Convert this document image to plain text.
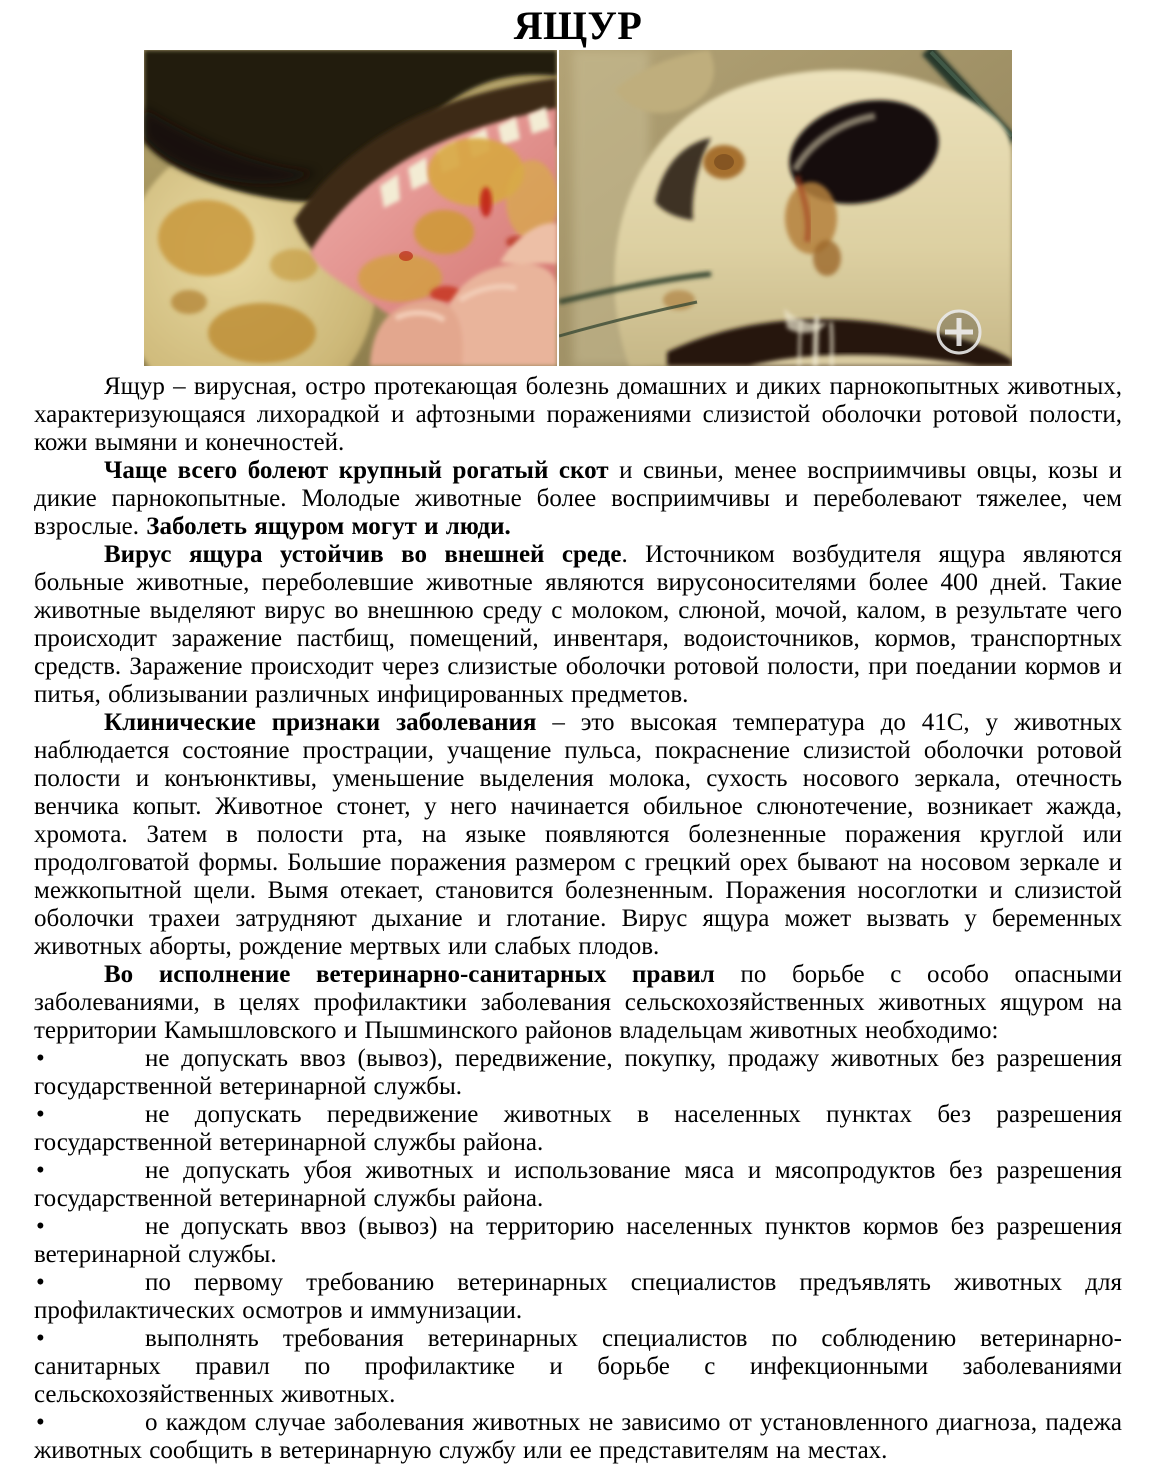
ЯЩУР

Ящур – вирусная, остро протекающая болезнь домашних и диких парнокопытных животных, характеризующаяся лихорадкой и афтозными поражениями слизистой оболочки ротовой полости, кожи вымяни и конечностей.

Чаще всего болеют крупный рогатый скот и свиньи, менее восприимчивы овцы, козы и дикие парнокопытные. Молодые животные более восприимчивы и переболевают тяжелее, чем взрослые. Заболеть ящуром могут и люди.

Вирус ящура устойчив во внешней среде. Источником возбудителя ящура являются больные животные, переболевшие животные являются вирусоносителями более 400 дней. Такие животные выделяют вирус во внешнюю среду с молоком, слюной, мочой, калом, в результате чего происходит заражение пастбищ, помещений, инвентаря, водоисточников, кормов, транспортных средств. Заражение происходит через слизистые оболочки ротовой полости, при поедании кормов и питья, облизывании различных инфицированных предметов.

Клинические признаки заболевания – это высокая температура до 41С, у животных наблюдается состояние прострации, учащение пульса, покраснение слизистой оболочки ротовой полости и конъюнктивы, уменьшение выделения молока, сухость носового зеркала, отечность венчика копыт. Животное стонет, у него начинается обильное слюнотечение, возникает жажда, хромота. Затем в полости рта, на языке появляются болезненные поражения круглой или продолговатой формы. Большие поражения размером с грецкий орех бывают на носовом зеркале и межкопытной щели. Вымя отекает, становится болезненным. Поражения носоглотки и слизистой оболочки трахеи затрудняют дыхание и глотание. Вирус ящура может вызвать у беременных животных аборты, рождение мертвых или слабых плодов.

Во исполнение ветеринарно-санитарных правил по борьбе с особо опасными заболеваниями, в целях профилактики заболевания сельскохозяйственных животных ящуром на территории Камышловского и Пышминского районов владельцам животных необходимо:

•	не допускать ввоз (вывоз), передвижение, покупку, продажу животных без разрешения государственной ветеринарной службы.

•	не допускать передвижение животных в населенных пунктах без разрешения государственной ветеринарной службы района.

•	не допускать убоя животных и использование мяса и мясопродуктов без разрешения государственной ветеринарной службы района.

•	не допускать ввоз (вывоз) на территорию населенных пунктов кормов без разрешения ветеринарной службы.

•	по первому требованию ветеринарных специалистов предъявлять животных для профилактических осмотров и иммунизации.

•	выполнять требования ветеринарных специалистов по соблюдению ветеринарно- санитарных правил по профилактике и борьбе с инфекционными заболеваниями сельскохозяйственных животных.

•	о каждом случае заболевания животных не зависимо от установленного диагноза, падежа животных сообщить в ветеринарную службу или ее представителям на местах.
